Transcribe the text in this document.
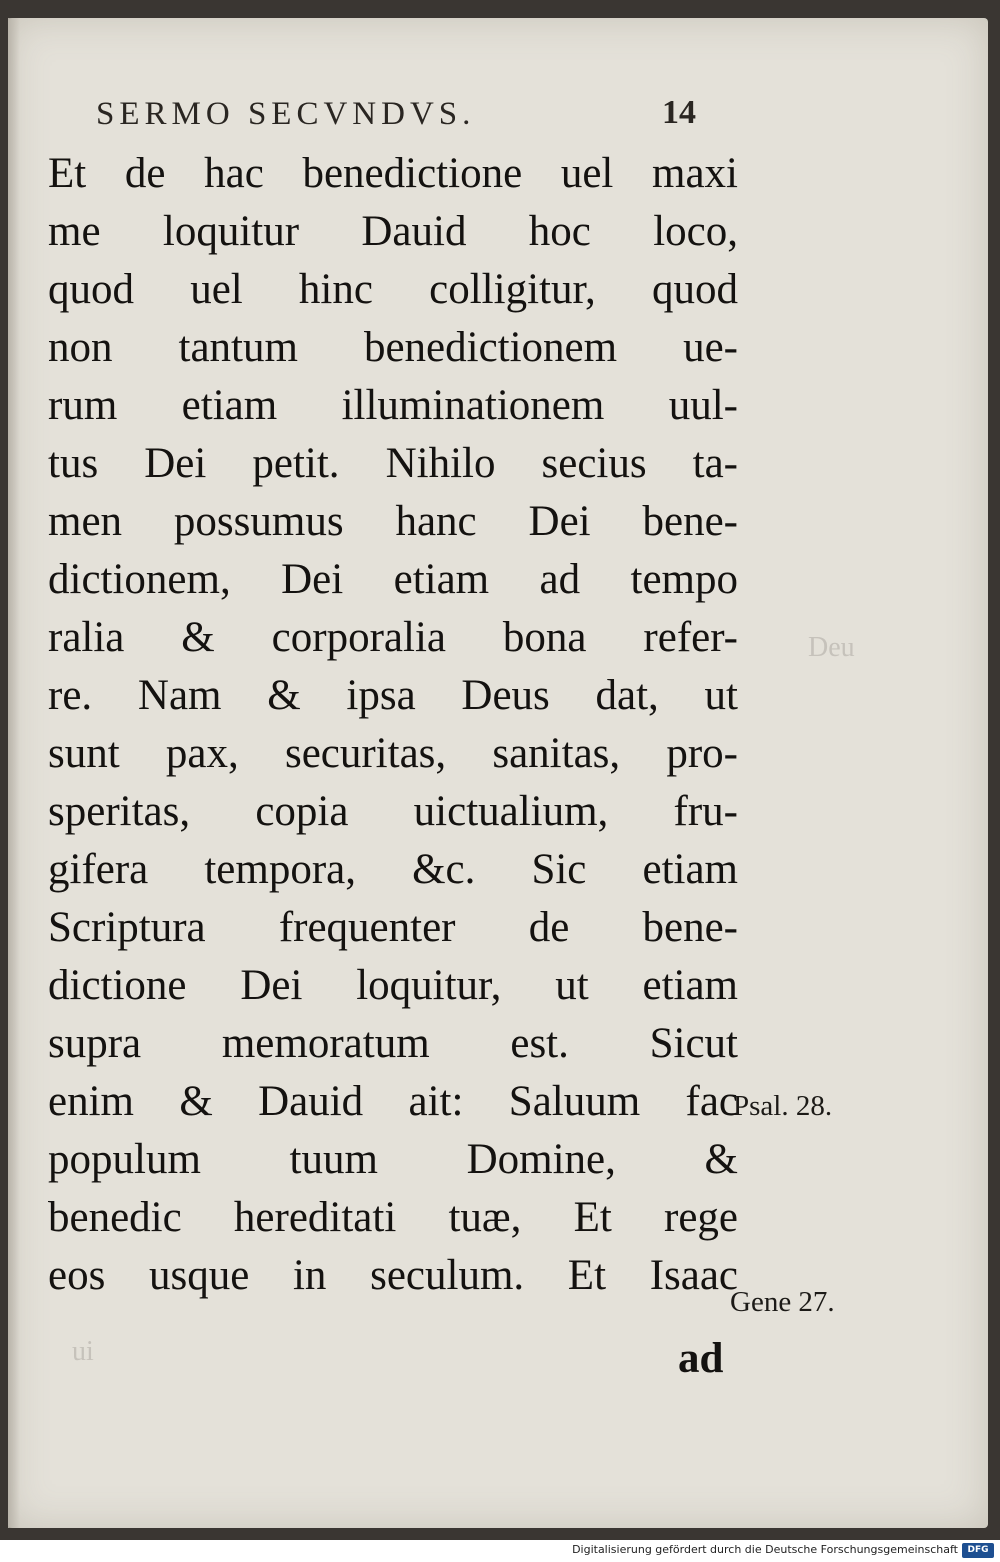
SERMO SECVNDVS.	14
Et de hac benedictione uel maxi
me loquitur Dauid hoc loco,
quod uel hinc colligitur, quod
non tantum benedictionem ue-
rum etiam illuminationem uul-
tus Dei petit. Nihilo secius ta-
men possumus hanc Dei bene-
dictionem, Dei etiam ad tempo
ralia & corporalia bona refer-
re. Nam & ipsa Deus dat, ut
sunt pax, securitas, sanitas, pro-
speritas, copia uictualium, fru-
gifera tempora, &c. Sic etiam
Scriptura frequenter de bene-
dictione Dei loquitur, ut etiam
supra memoratum est. Sicut
enim & Dauid ait: Saluum fac
populum tuum Domine, &
benedic hereditati tuæ, Et rege
eos usque in seculum. Et Isaac
Psal. 28.
Gene 27.
ad
Deu
ui
Digitalisierung gefördert durch die Deutsche Forschungsgemeinschaft	DFG
